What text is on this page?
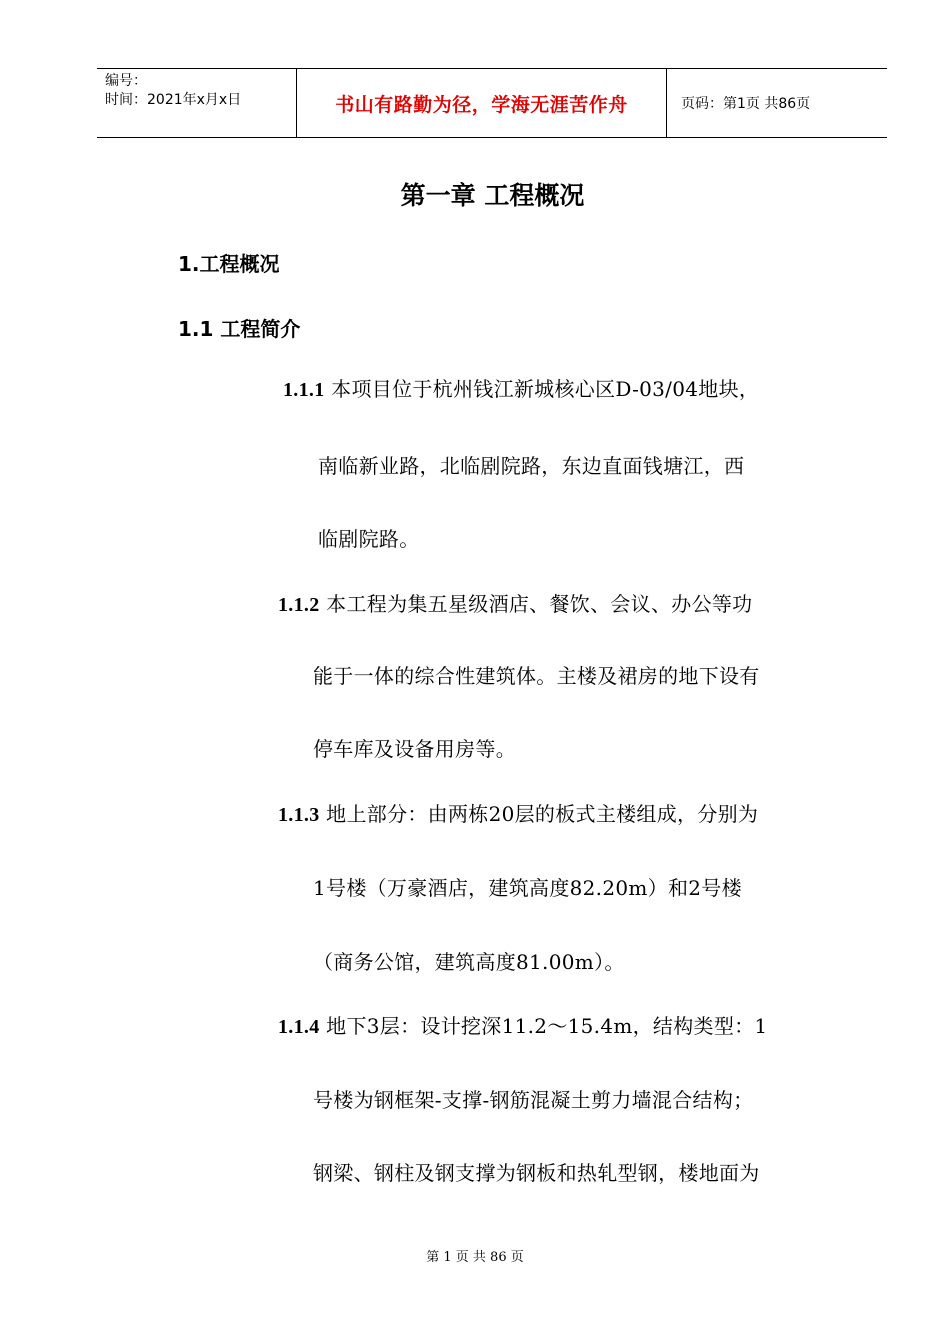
编号：
时间：2021年x月x日	书山有路勤为径，学海无涯苦作舟	页码：第1页 共86页
第一章 工程概况
1.工程概况
1.1 工程简介
1.1.1 本项目位于杭州钱江新城核心区D-03/04地块，
南临新业路，北临剧院路，东边直面钱塘江，西
临剧院路。
1.1.2 本工程为集五星级酒店、餐饮、会议、办公等功
能于一体的综合性建筑体。主楼及裙房的地下设有
停车库及设备用房等。
1.1.3 地上部分：由两栋20层的板式主楼组成，分别为
1号楼（万豪酒店，建筑高度82.20m）和2号楼
（商务公馆，建筑高度81.00m）。
1.1.4 地下3层：设计挖深11.2～15.4m，结构类型：1
号楼为钢框架-支撑-钢筋混凝土剪力墙混合结构；
钢梁、钢柱及钢支撑为钢板和热轧型钢，楼地面为
第 1 页 共 86 页
